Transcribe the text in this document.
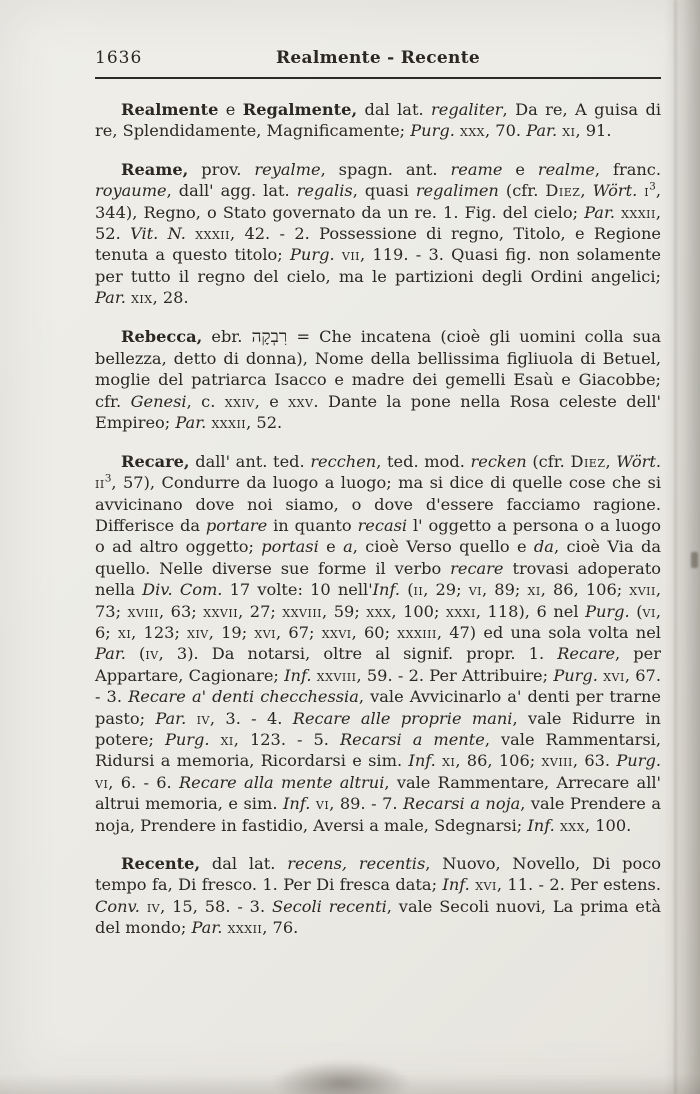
1636	Realmente - Recente

Realmente e Regalmente, dal lat. regaliter, Da re, A guisa di re, Splendidamente, Magnificamente; Purg. xxx, 70. Par. xi, 91.

Reame, prov. reyalme, spagn. ant. reame e realme, franc. royaume, dall' agg. lat. regalis, quasi regalimen (cfr. Diez, Wört. $i^3$, 344), Regno, o Stato governato da un re. 1. Fig. del cielo; Par. xxxii, 52. Vit. N. xxxii, 42. - 2. Possessione di regno, Titolo, e Regione tenuta a questo titolo; Purg. vii, 119. - 3. Quasi fig. non solamente per tutto il regno del cielo, ma le partizioni degli Ordini angelici; Par. xix, 28.

Rebecca, ebr. רִבְקָה = Che incatena (cioè gli uomini colla sua bellezza, detto di donna), Nome della bellissima figliuola di Betuel, moglie del patriarca Isacco e madre dei gemelli Esaù e Giacobbe; cfr. Genesi, c. xxiv, e xxv. Dante la pone nella Rosa celeste dell' Empireo; Par. xxxii, 52.

Recare, dall' ant. ted. recchen, ted. mod. recken (cfr. Diez, Wört. $ii^3$, 57), Condurre da luogo a luogo; ma si dice di quelle cose che si avvicinano dove noi siamo, o dove d'essere facciamo ragione. Differisce da portare in quanto recasi l' oggetto a persona o a luogo o ad altro oggetto; portasi e a, cioè Verso quello e da, cioè Via da quello. Nelle diverse sue forme il verbo recare trovasi adoperato nella Div. Com. 17 volte: 10 nell'Inf. (ii, 29; vi, 89; xi, 86, 106; xvii, 73; xviii, 63; xxvii, 27; xxviii, 59; xxx, 100; xxxi, 118), 6 nel Purg. (vi, 6; xi, 123; xiv, 19; xvi, 67; xxvi, 60; xxxiii, 47) ed una sola volta nel Par. (iv, 3). Da notarsi, oltre al signif. propr. 1. Recare, per Appartare, Cagionare; Inf. xxviii, 59. - 2. Per Attribuire; Purg. xvi, 67. - 3. Recare a' denti checchessia, vale Avvicinarlo a' denti per trarne pasto; Par. iv, 3. - 4. Recare alle proprie mani, vale Ridurre in potere; Purg. xi, 123. - 5. Recarsi a mente, vale Rammentarsi, Ridursi a memoria, Ricordarsi e sim. Inf. xi, 86, 106; xviii, 63. Purg. vi, 6. - 6. Recare alla mente altrui, vale Rammentare, Arrecare all' altrui memoria, e sim. Inf. vi, 89. - 7. Recarsi a noja, vale Prendere a noja, Prendere in fastidio, Aversi a male, Sdegnarsi; Inf. xxx, 100.

Recente, dal lat. recens, recentis, Nuovo, Novello, Di poco tempo fa, Di fresco. 1. Per Di fresca data; Inf. xvi, 11. - 2. Per estens. Conv. iv, 15, 58. - 3. Secoli recenti, vale Secoli nuovi, La prima età del mondo; Par. xxxii, 76.
